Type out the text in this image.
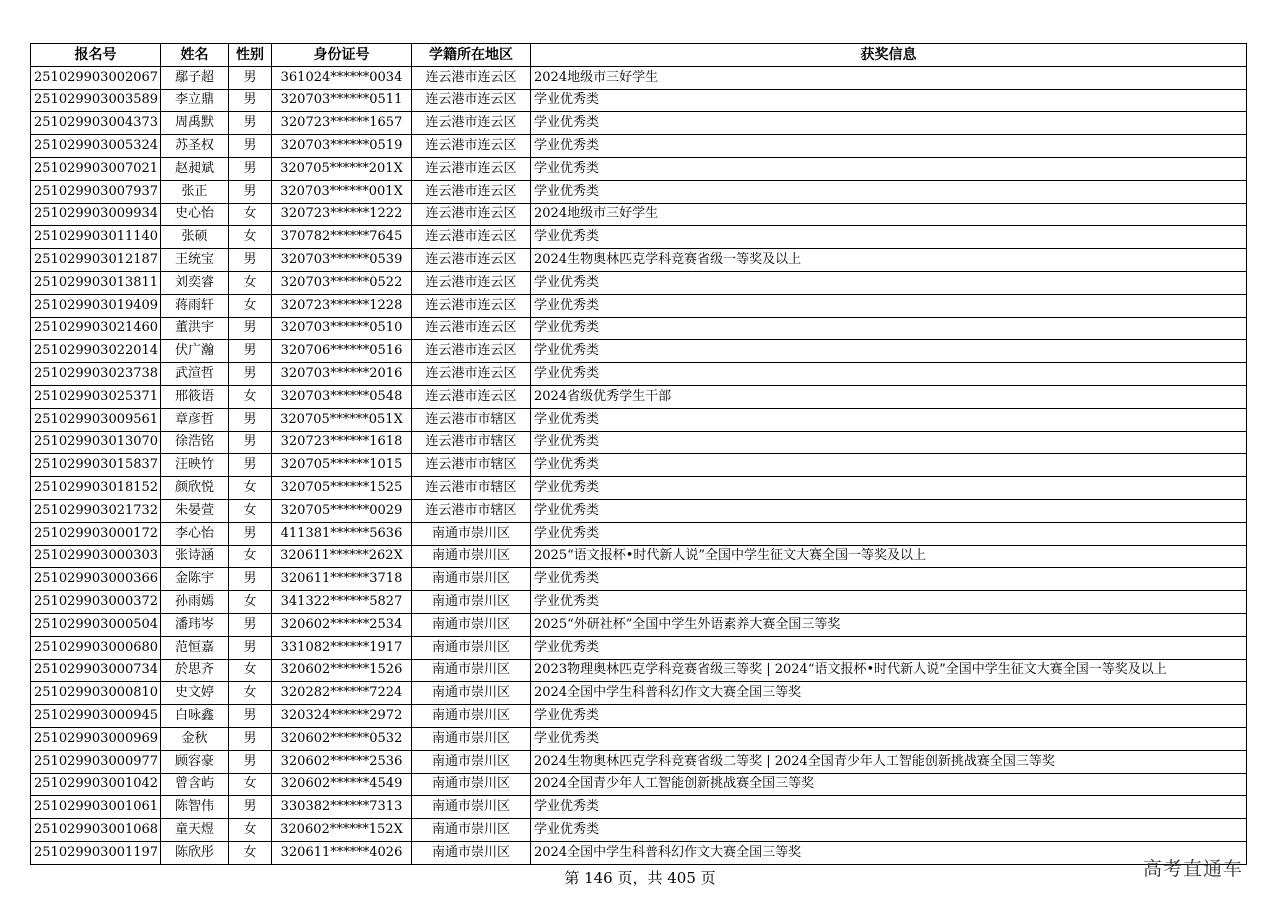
报名号	姓名	性别	身份证号	学籍所在地区	获奖信息
251029903002067	鄢子超	男	361024******0034	连云港市连云区	2024地级市三好学生
251029903003589	李立鼎	男	320703******0511	连云港市连云区	学业优秀类
251029903004373	周禹默	男	320723******1657	连云港市连云区	学业优秀类
251029903005324	苏圣权	男	320703******0519	连云港市连云区	学业优秀类
251029903007021	赵昶斌	男	320705******201X	连云港市连云区	学业优秀类
251029903007937	张正	男	320703******001X	连云港市连云区	学业优秀类
251029903009934	史心怡	女	320723******1222	连云港市连云区	2024地级市三好学生
251029903011140	张硕	女	370782******7645	连云港市连云区	学业优秀类
251029903012187	王统宝	男	320703******0539	连云港市连云区	2024生物奥林匹克学科竞赛省级一等奖及以上
251029903013811	刘奕睿	女	320703******0522	连云港市连云区	学业优秀类
251029903019409	蒋雨轩	女	320723******1228	连云港市连云区	学业优秀类
251029903021460	董洪宇	男	320703******0510	连云港市连云区	学业优秀类
251029903022014	伏广瀚	男	320706******0516	连云港市连云区	学业优秀类
251029903023738	武渲哲	男	320703******2016	连云港市连云区	学业优秀类
251029903025371	邢筱语	女	320703******0548	连云港市连云区	2024省级优秀学生干部
251029903009561	章彦哲	男	320705******051X	连云港市市辖区	学业优秀类
251029903013070	徐浩铭	男	320723******1618	连云港市市辖区	学业优秀类
251029903015837	汪映竹	男	320705******1015	连云港市市辖区	学业优秀类
251029903018152	颜欣悦	女	320705******1525	连云港市市辖区	学业优秀类
251029903021732	朱晏萱	女	320705******0029	连云港市市辖区	学业优秀类
251029903000172	李心怡	男	411381******5636	南通市崇川区	学业优秀类
251029903000303	张诗涵	女	320611******262X	南通市崇川区	2025“语文报杯•时代新人说”全国中学生征文大赛全国一等奖及以上
251029903000366	金陈宇	男	320611******3718	南通市崇川区	学业优秀类
251029903000372	孙雨嫣	女	341322******5827	南通市崇川区	学业优秀类
251029903000504	潘玮岑	男	320602******2534	南通市崇川区	2025“外研社杯”全国中学生外语素养大赛全国三等奖
251029903000680	范恒嘉	男	331082******1917	南通市崇川区	学业优秀类
251029903000734	於思齐	女	320602******1526	南通市崇川区	2023物理奥林匹克学科竞赛省级三等奖 | 2024“语文报杯•时代新人说”全国中学生征文大赛全国一等奖及以上
251029903000810	史文婷	女	320282******7224	南通市崇川区	2024全国中学生科普科幻作文大赛全国三等奖
251029903000945	白咏鑫	男	320324******2972	南通市崇川区	学业优秀类
251029903000969	金秋	男	320602******0532	南通市崇川区	学业优秀类
251029903000977	顾容豪	男	320602******2536	南通市崇川区	2024生物奥林匹克学科竞赛省级二等奖 | 2024全国青少年人工智能创新挑战赛全国三等奖
251029903001042	曾含屿	女	320602******4549	南通市崇川区	2024全国青少年人工智能创新挑战赛全国三等奖
251029903001061	陈智伟	男	330382******7313	南通市崇川区	学业优秀类
251029903001068	童天煜	女	320602******152X	南通市崇川区	学业优秀类
251029903001197	陈欣彤	女	320611******4026	南通市崇川区	2024全国中学生科普科幻作文大赛全国三等奖
第 146 页，共 405 页	高考直通车
